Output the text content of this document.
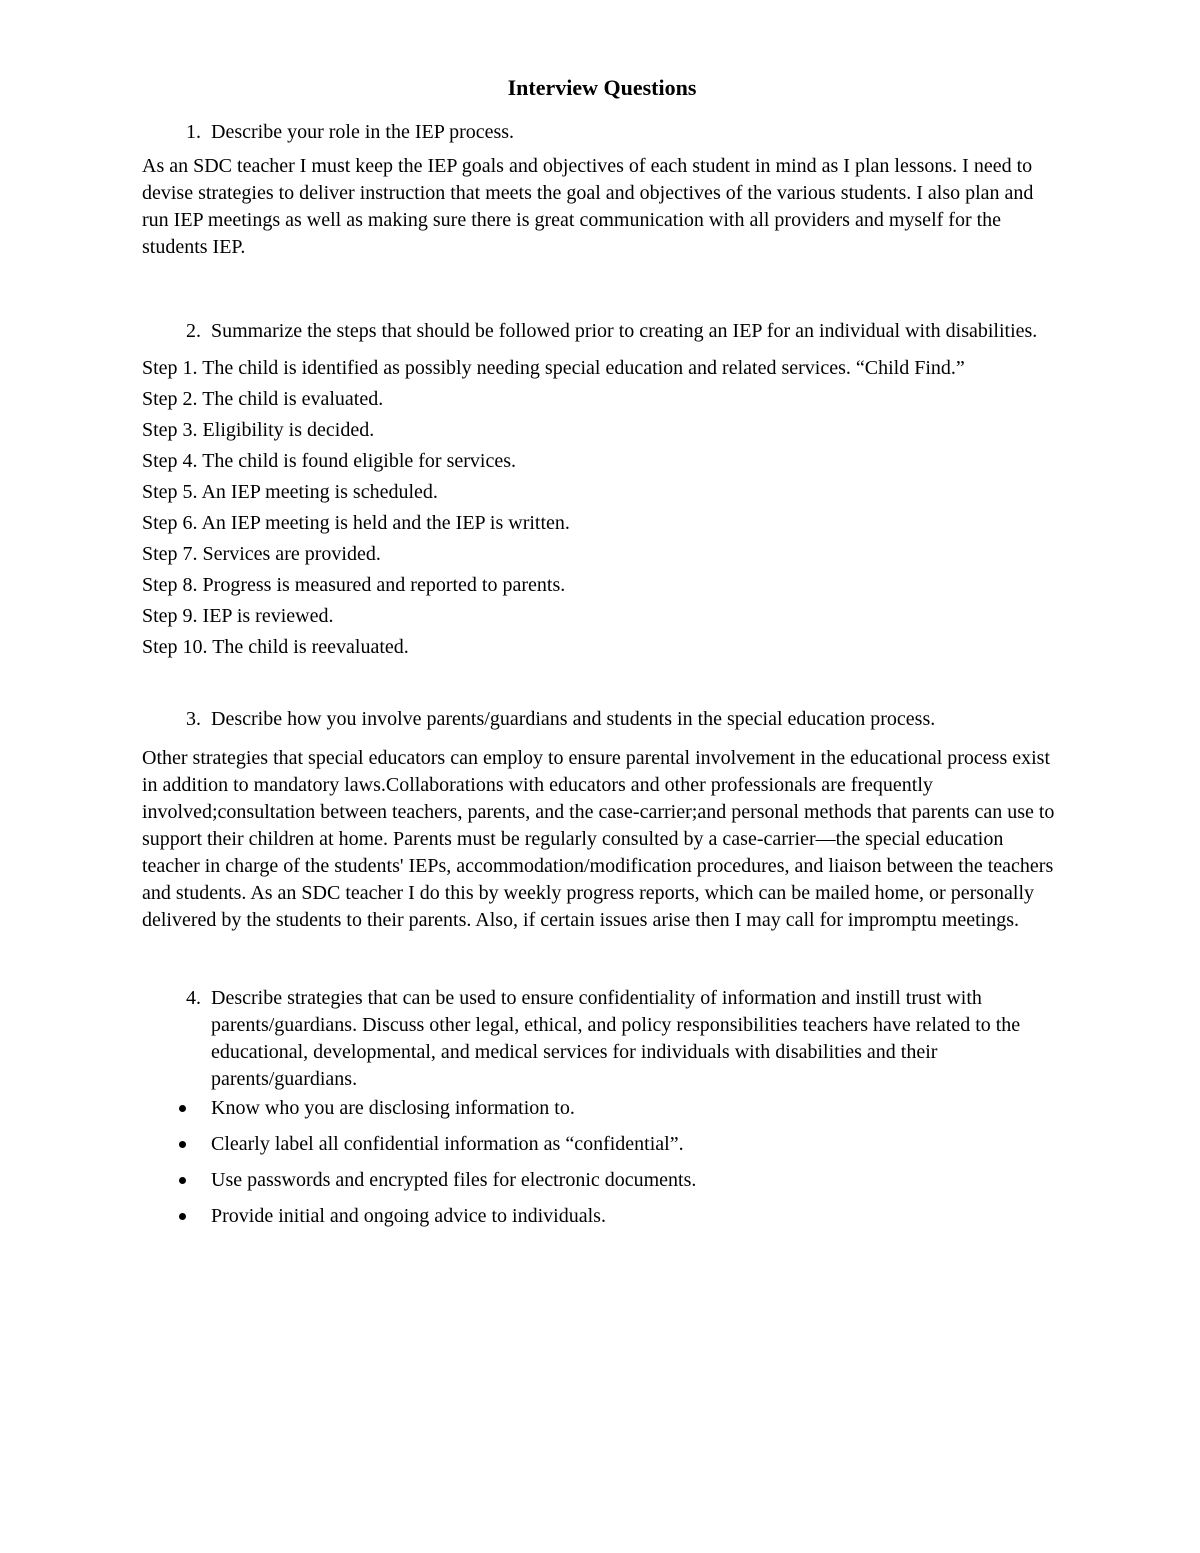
Interview Questions
1. Describe your role in the IEP process.

As an SDC teacher I must keep the IEP goals and objectives of each student in mind as I plan lessons. I need to devise strategies to deliver instruction that meets the goal and objectives of the various students. I also plan and run IEP meetings as well as making sure there is great communication with all providers and myself for the students IEP.

2. Summarize the steps that should be followed prior to creating an IEP for an individual with disabilities.
Step 1. The child is identified as possibly needing special education and related services. “Child Find.”
Step 2. The child is evaluated.
Step 3. Eligibility is decided.
Step 4. The child is found eligible for services.
Step 5. An IEP meeting is scheduled.
Step 6. An IEP meeting is held and the IEP is written.
Step 7. Services are provided.
Step 8. Progress is measured and reported to parents.
Step 9. IEP is reviewed.
Step 10. The child is reevaluated.
3. Describe how you involve parents/guardians and students in the special education process.

Other strategies that special educators can employ to ensure parental involvement in the educational process exist in addition to mandatory laws.Collaborations with educators and other professionals are frequently involved;consultation between teachers, parents, and the case-carrier;and personal methods that parents can use to support their children at home. Parents must be regularly consulted by a case-carrier—the special education teacher in charge of the students' IEPs, accommodation/modification procedures, and liaison between the teachers and students. As an SDC teacher I do this by weekly progress reports, which can be mailed home, or personally delivered by the students to their parents. Also, if certain issues arise then I may call for impromptu meetings.

4. Describe strategies that can be used to ensure confidentiality of information and instill trust with parents/guardians. Discuss other legal, ethical, and policy responsibilities teachers have related to the educational, developmental, and medical services for individuals with disabilities and their parents/guardians.
Know who you are disclosing information to.
Clearly label all confidential information as “confidential”.
Use passwords and encrypted files for electronic documents.
Provide initial and ongoing advice to individuals.
